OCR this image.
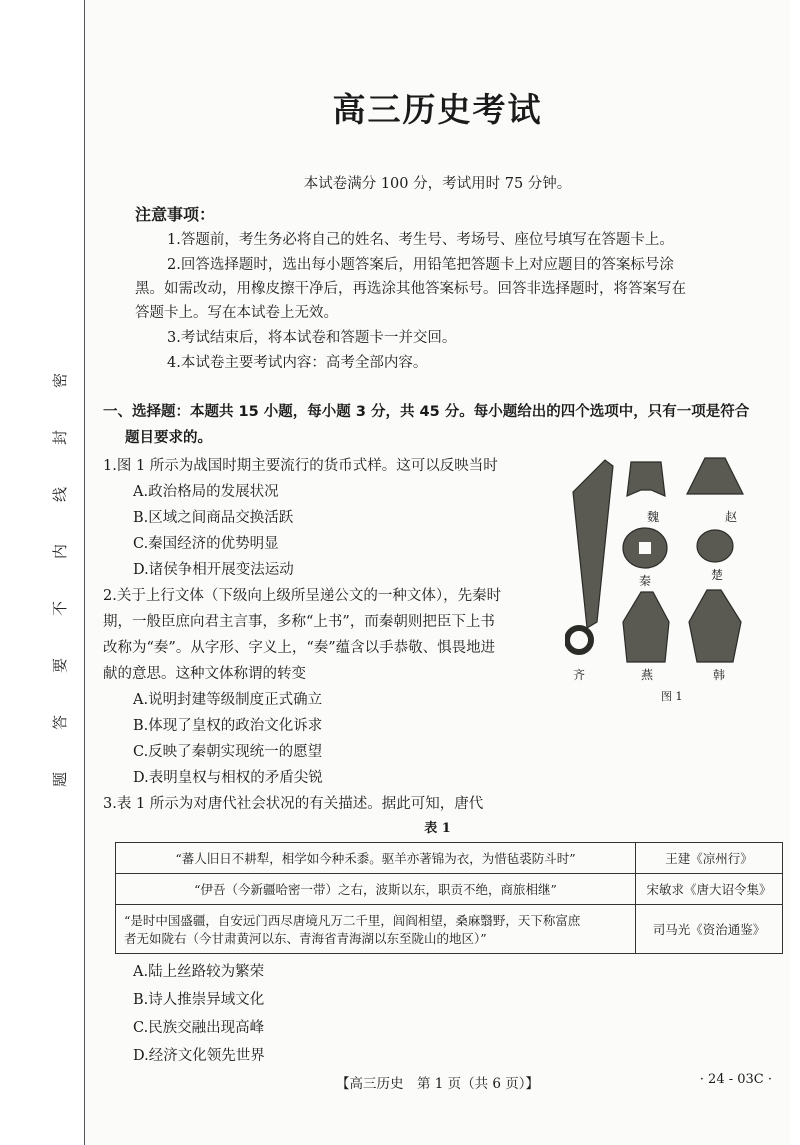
密
封
线
内
不
要
答
题
高三历史考试
本试卷满分 100 分，考试用时 75 分钟。
注意事项：
1.答题前，考生务必将自己的姓名、考生号、考场号、座位号填写在答题卡上。
2.回答选择题时，选出每小题答案后，用铅笔把答题卡上对应题目的答案标号涂
黑。如需改动，用橡皮擦干净后，再选涂其他答案标号。回答非选择题时，将答案写在
答题卡上。写在本试卷上无效。
3.考试结束后，将本试卷和答题卡一并交回。
4.本试卷主要考试内容：高考全部内容。
一、选择题：本题共 15 小题，每小题 3 分，共 45 分。每小题给出的四个选项中，只有一项是符合
题目要求的。
1.图 1 所示为战国时期主要流行的货币式样。这可以反映当时
A.政治格局的发展状况
B.区域之间商品交换活跃
C.秦国经济的优势明显
D.诸侯争相开展变法运动
魏	赵
秦	楚
齐	燕	韩
图 1
2.关于上行文体（下级向上级所呈递公文的一种文体），先秦时
期，一般臣庶向君主言事，多称“上书”，而秦朝则把臣下上书
改称为“奏”。从字形、字义上，“奏”蕴含以手恭敬、惧畏地进
献的意思。这种文体称谓的转变
A.说明封建等级制度正式确立
B.体现了皇权的政治文化诉求
C.反映了秦朝实现统一的愿望
D.表明皇权与相权的矛盾尖锐
3.表 1 所示为对唐代社会状况的有关描述。据此可知，唐代
表 1
“蕃人旧日不耕犁，相学如今种禾黍。驱羊亦著锦为衣，为惜毡裘防斗时”	王建《凉州行》
“伊吾（今新疆哈密一带）之右，波斯以东，职贡不绝，商旅相继”	宋敏求《唐大诏令集》

“是时中国盛疆，自安远门西尽唐境凡万二千里，闾阎相望，桑麻翳野，天下称富庶
者无如陇右（今甘肃黄河以东、青海省青海湖以东至陇山的地区）”	司马光《资治通鉴》
A.陆上丝路较为繁荣
B.诗人推崇异域文化
C.民族交融出现高峰
D.经济文化领先世界
【高三历史　第 1 页（共 6 页）】	· 24 - 03C ·
